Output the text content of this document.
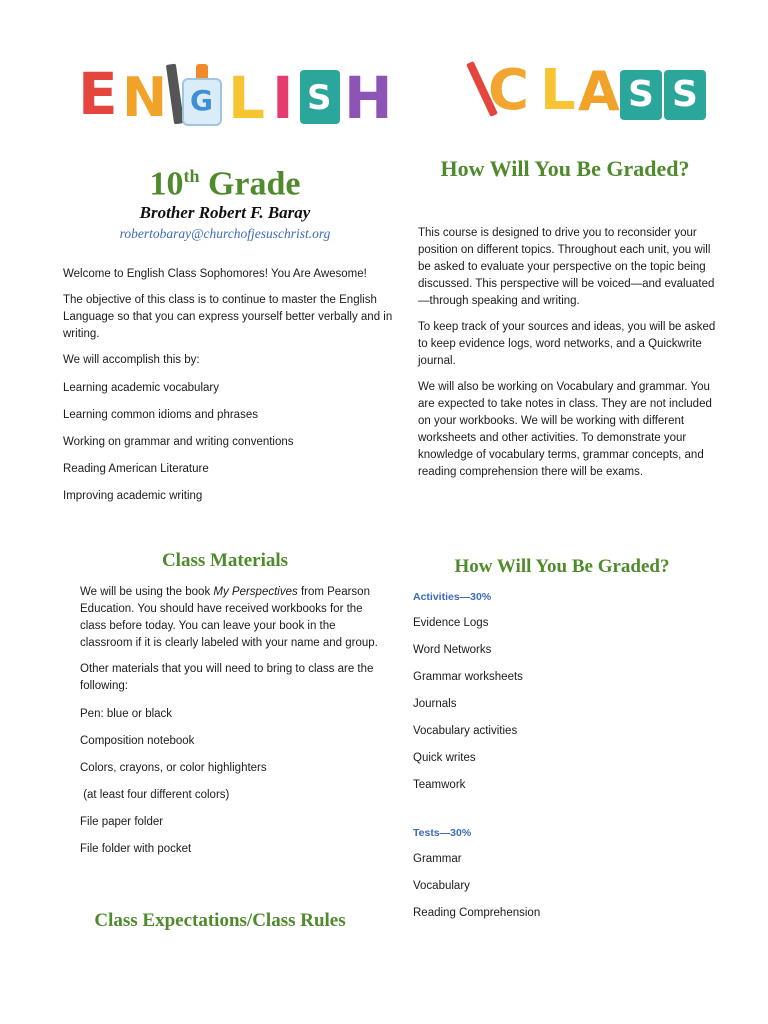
E N G L I S H C L A S S
10th Grade
Brother Robert F. Baray
robertobaray@churchofjesuschrist.org

Welcome to English Class Sophomores! You Are Awesome!

The objective of this class is to continue to master the English Language so that you can express yourself better verbally and in writing.

We will accomplish this by:

Learning academic vocabulary

Learning common idioms and phrases

Working on grammar and writing conventions

Reading American Literature

Improving academic writing

How Will You Be Graded?

This course is designed to drive you to reconsider your position on different topics. Throughout each unit, you will be asked to evaluate your perspective on the topic being discussed. This perspective will be voiced—and evaluated—through speaking and writing.

To keep track of your sources and ideas, you will be asked to keep evidence logs, word networks, and a Quickwrite journal.

We will also be working on Vocabulary and grammar. You are expected to take notes in class. They are not included on your workbooks. We will be working with different worksheets and other activities. To demonstrate your knowledge of vocabulary terms, grammar concepts, and reading comprehension there will be exams.

Class Materials

We will be using the book My Perspectives from Pearson Education. You should have received workbooks for the class before today. You can leave your book in the classroom if it is clearly labeled with your name and group.

Other materials that you will need to bring to class are the following:

Pen: blue or black

Composition notebook

Colors, crayons, or color highlighters

(at least four different colors)

File paper folder

File folder with pocket

Class Expectations/Class Rules
How Will You Be Graded?
Activities—30%

Evidence Logs

Word Networks

Grammar worksheets

Journals

Vocabulary activities

Quick writes

Teamwork

Tests—30%

Grammar

Vocabulary

Reading Comprehension
